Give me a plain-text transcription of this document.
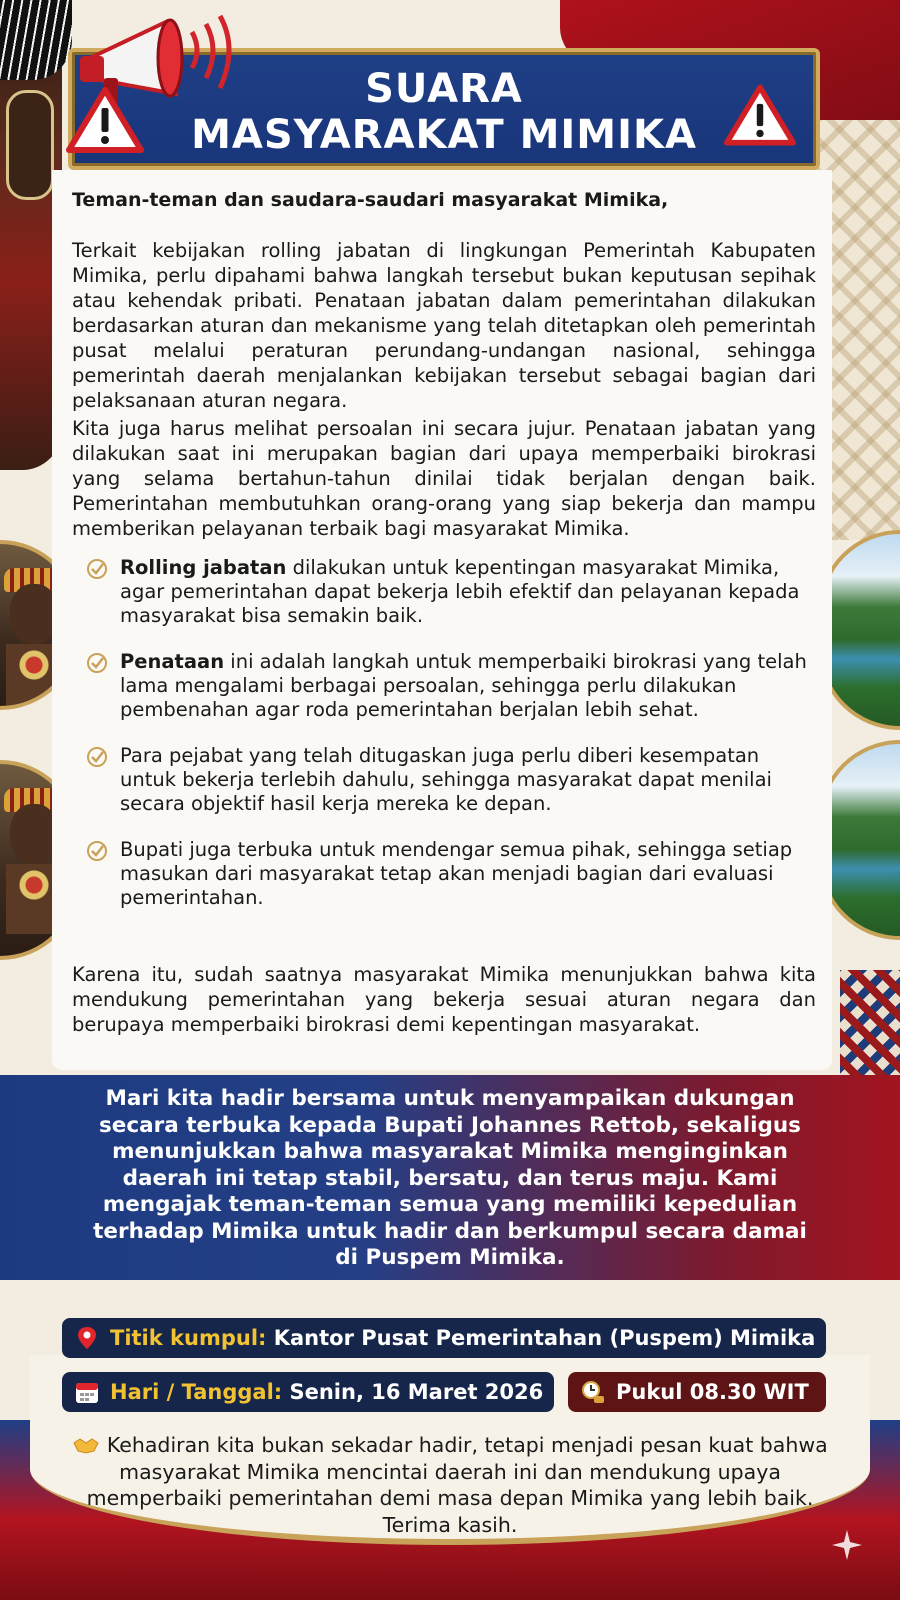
SUARA
MASYARAKAT MIMIKA
Teman-teman dan saudara-saudari masyarakat Mimika,
Terkait kebijakan rolling jabatan di lingkungan Pemerintah Kabupaten Mimika, perlu dipahami bahwa langkah tersebut bukan keputusan sepihak atau kehendak pribati. Penataan jabatan dalam pemerintahan dilakukan berdasarkan aturan dan mekanisme yang telah ditetapkan oleh pemerintah pusat melalui peraturan perundang-undangan nasional, sehingga pemerintah daerah menjalankan kebijakan tersebut sebagai bagian dari pelaksanaan aturan negara.
Kita juga harus melihat persoalan ini secara jujur. Penataan jabatan yang dilakukan saat ini merupakan bagian dari upaya memperbaiki birokrasi yang selama bertahun-tahun dinilai tidak berjalan dengan baik. Pemerintahan membutuhkan orang-orang yang siap bekerja dan mampu memberikan pelayanan terbaik bagi masyarakat Mimika.
Rolling jabatan dilakukan untuk kepentingan masyarakat Mimika, agar pemerintahan dapat bekerja lebih efektif dan pelayanan kepada masyarakat bisa semakin baik.
Penataan ini adalah langkah untuk memperbaiki birokrasi yang telah lama mengalami berbagai persoalan, sehingga perlu dilakukan pembenahan agar roda pemerintahan berjalan lebih sehat.
Para pejabat yang telah ditugaskan juga perlu diberi kesempatan untuk bekerja terlebih dahulu, sehingga masyarakat dapat menilai secara objektif hasil kerja mereka ke depan.
Bupati juga terbuka untuk mendengar semua pihak, sehingga setiap masukan dari masyarakat tetap akan menjadi bagian dari evaluasi pemerintahan.
Karena itu, sudah saatnya masyarakat Mimika menunjukkan bahwa kita mendukung pemerintahan yang bekerja sesuai aturan negara dan berupaya memperbaiki birokrasi demi kepentingan masyarakat.
Mari kita hadir bersama untuk menyampaikan dukungan secara terbuka kepada Bupati Johannes Rettob, sekaligus menunjukkan bahwa masyarakat Mimika menginginkan daerah ini tetap stabil, bersatu, dan terus maju. Kami mengajak teman-teman semua yang memiliki kepedulian terhadap Mimika untuk hadir dan berkumpul secara damai di Puspem Mimika.
Titik kumpul: Kantor Pusat Pemerintahan (Puspem) Mimika
Hari / Tanggal: Senin, 16 Maret 2026	Pukul 08.30 WIT
Kehadiran kita bukan sekadar hadir, tetapi menjadi pesan kuat bahwa masyarakat Mimika mencintai daerah ini dan mendukung upaya memperbaiki pemerintahan demi masa depan Mimika yang lebih baik. Terima kasih.
